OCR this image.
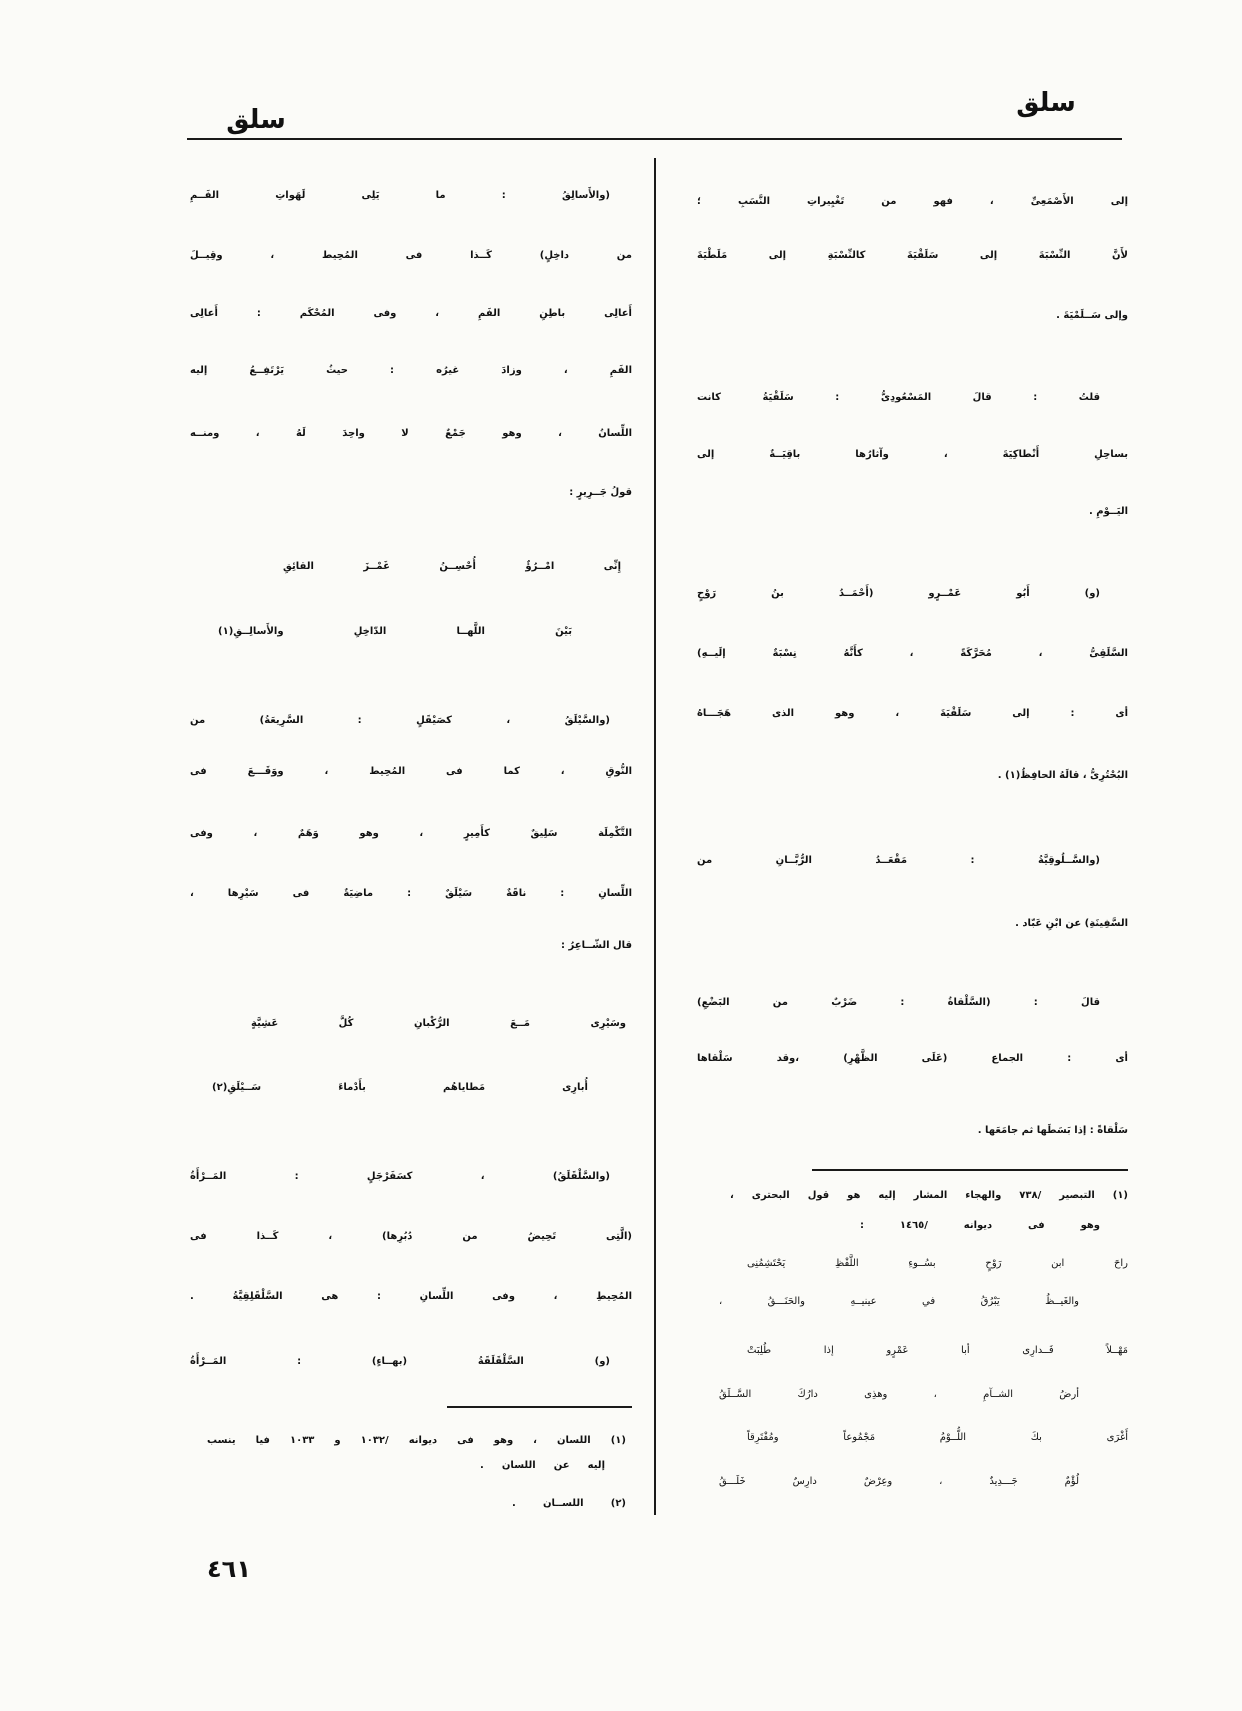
سلق
سلق
إلى الأَصْمَعِىِّ ، فهو من تَغْيِيراتِ النَّسَبِ ؛
لأَنَّ النِّسْبَةَ إلى سَلَقْيَةَ كالنِّسْبَةِ إلى مَلَطْيَةَ
وإلى سَــلَمْيَةَ .
قلتُ : قالَ المَسْعُودِىُّ : سَلَقْيَةُ كانت
بساحِلِ أَنْطاكِيَةَ ، وآثارُها باقِيَــةٌ إلى
اليَــوْمِ .
(و) أَبُو عَمْــرٍو (أَحْمَــدُ بنُ رَوْحٍ
السَّلَقِىُّ ، مُحَرَّكَةً ، كأَنَّهُ نِسْبَةٌ إلَيــهِ)
أى : إلى سَلَقْيَةَ ، وهو الذى هَجَـــاهُ
البُحْتُرِىُّ ، قالَهُ الحافِظُ(١) .
(والسَّــلُوقِيَّةُ : مَقْعَــدُ الرُّبَّــانِ من
السَّفِينَةِ) عن ابْنِ عَبّاد .
قالَ : (السَّلْقاةُ : ضَرْبٌ من البَضْعِ)
أى : الجماع (عَلَى الظَّهْرِ) ،وقد سَلْقاها
سَلْقاةً : إذا بَسَطَها ثم جامَعَها .
(١) التبصير /٧٣٨ والهجاء المشار إليه هو قول البحترى ،
وهو فى ديوانه /١٤٦٥ :
راحَ ابن رَوْحٍ بسُــوءِ اللَّفْظِ يَحْتَشِمُنِى
والغَيــظُ يَبْرُقُ في عينيــهِ والحَنَـــقُ ،
مَهْــلاً فَــدارِى أبا عَمْرٍو إذا طُلِبَتْ
أرضُ الشــآمِ ، وهذِى دارُكَ السَّــلَقُ
أَغْرَى بكَ اللُّــوْمُ مَجْمُوعاً ومُفْتَرِقاً
لُؤْمٌ جَـــدِيدٌ ، وعِرْضٌ دارِسٌ خَلَـــقُ
(والأَسالِقُ : ما يَلِى لَهَواتِ الفَــمِ
من داخِلٍ) كَــذا فى المُحِيط ، وقِيــلَ
أَعالِى باطِنِ الفَمِ ، وفى المُحْكَم : أَعالِى
الفَمِ ، وزادَ غيرُه : حيثُ يَرْتَفِــعُ إليه
اللِّسانُ ، وهو جَمْعٌ لا واحِدَ لَهُ ، ومنــه
قولُ جَــرِيرٍ :
إِنِّى امْــرُؤٌ أُحْسِــنُ غَمْــزَ القائِقِ
بَيْنَ اللَّهــا الدّاخِلِ والأَسالِــقِ(١)
(والسَّيْلَقُ ، كصَيْقَلٍ : السَّرِيعَةُ) من
النُّوقِ ، كما فى المُحِيط ، ووَقَـــعَ فى
التَّكْمِلَة سَلِيقٌ كأَمِيرٍ ، وهو وَهَمٌ ، وفى
اللِّسانِ : ناقَةٌ سَيْلَقٌ : ماضِيَةٌ فى سَيْرِها ،
قال الشّــاعِرُ :
وسَيْرِى مَــعَ الرُّكْبانِ كُلَّ عَشِيَّةٍ
أُبارِى مَطاياهُم بأَدْماءَ سَــيْلَقِ(٢)
(والسَّلْقَلَقُ) ، كسَفَرْجَلٍ : المَــرْأَةُ
(الَّتِى تَحِيضُ من دُبُرِها) ، كَــذا فى
المُحِيطِ ، وفى اللِّسانِ : هى السَّلْقَلِقِيَّةُ .
(و) السَّلْقَلَقَةُ (بهــاءٍ) : المَــرْأَةُ
(١) اللسان ، وهو فى ديوانه /١٠٣٢ و ١٠٣٣ فيا ينسب
إليه عن اللسان .
(٢) اللســان .
٤٦١
